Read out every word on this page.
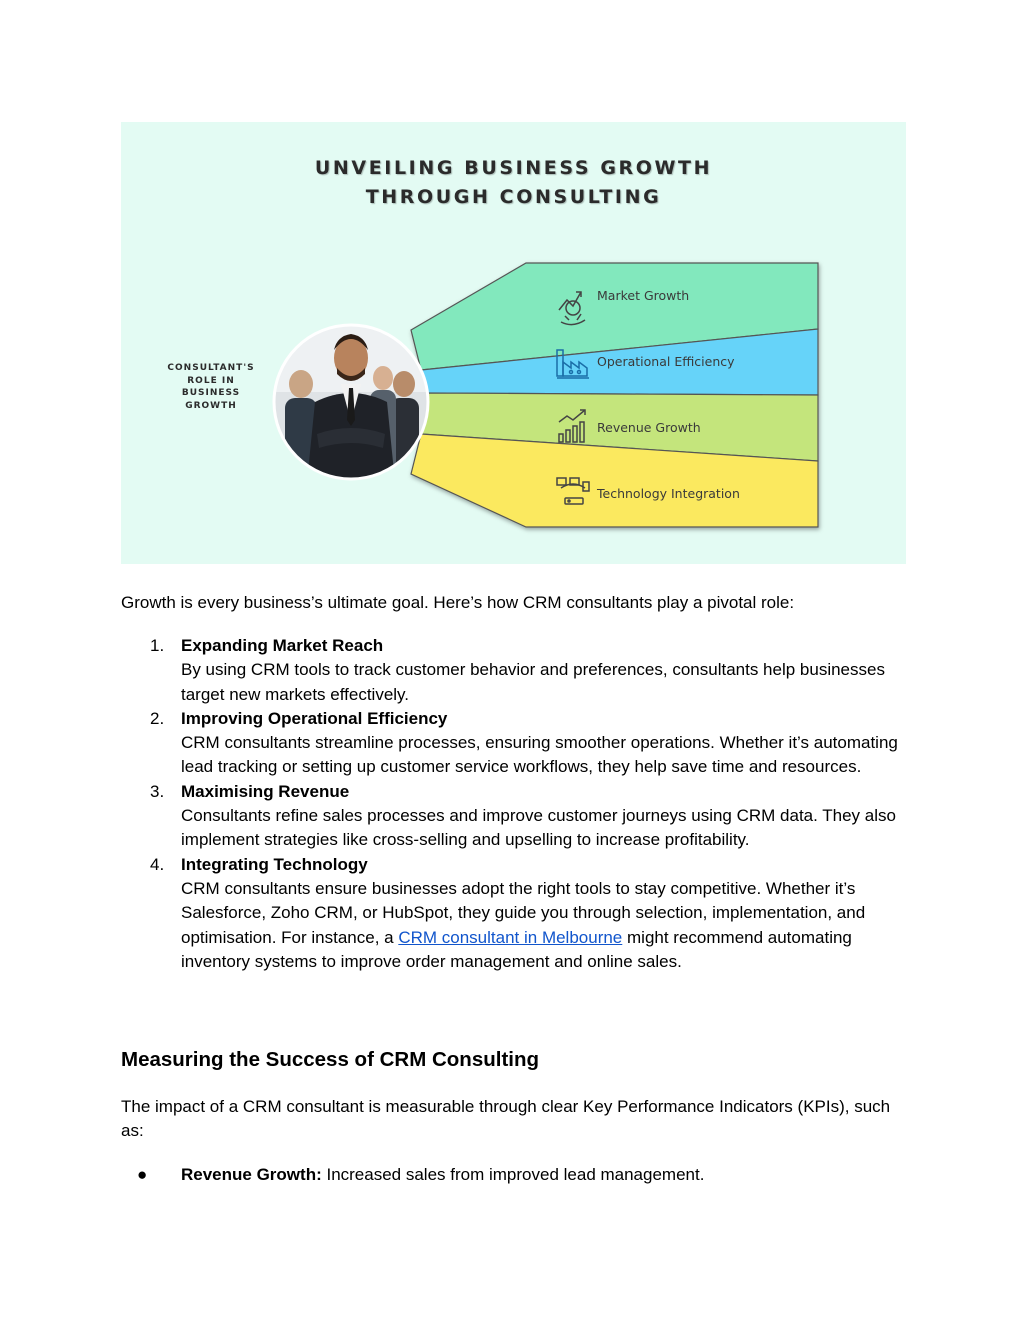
UNVEILING BUSINESS GROWTH
THROUGH CONSULTING
CONSULTANT'S
ROLE IN
BUSINESS
GROWTH
Market Growth
Operational Efficiency
Revenue Growth
Technology Integration

Growth is every business’s ultimate goal. Here’s how CRM consultants play a pivotal role:

1. Expanding Market Reach
By using CRM tools to track customer behavior and preferences, consultants help businesses target new markets effectively.
2. Improving Operational Efficiency
CRM consultants streamline processes, ensuring smoother operations. Whether it’s automating lead tracking or setting up customer service workflows, they help save time and resources.
3. Maximising Revenue
Consultants refine sales processes and improve customer journeys using CRM data. They also implement strategies like cross-selling and upselling to increase profitability.
4. Integrating Technology
CRM consultants ensure businesses adopt the right tools to stay competitive. Whether it’s Salesforce, Zoho CRM, or HubSpot, they guide you through selection, implementation, and optimisation. For instance, a CRM consultant in Melbourne might recommend automating inventory systems to improve order management and online sales.
Measuring the Success of CRM Consulting

The impact of a CRM consultant is measurable through clear Key Performance Indicators (KPIs), such as:

● Revenue Growth: Increased sales from improved lead management.
